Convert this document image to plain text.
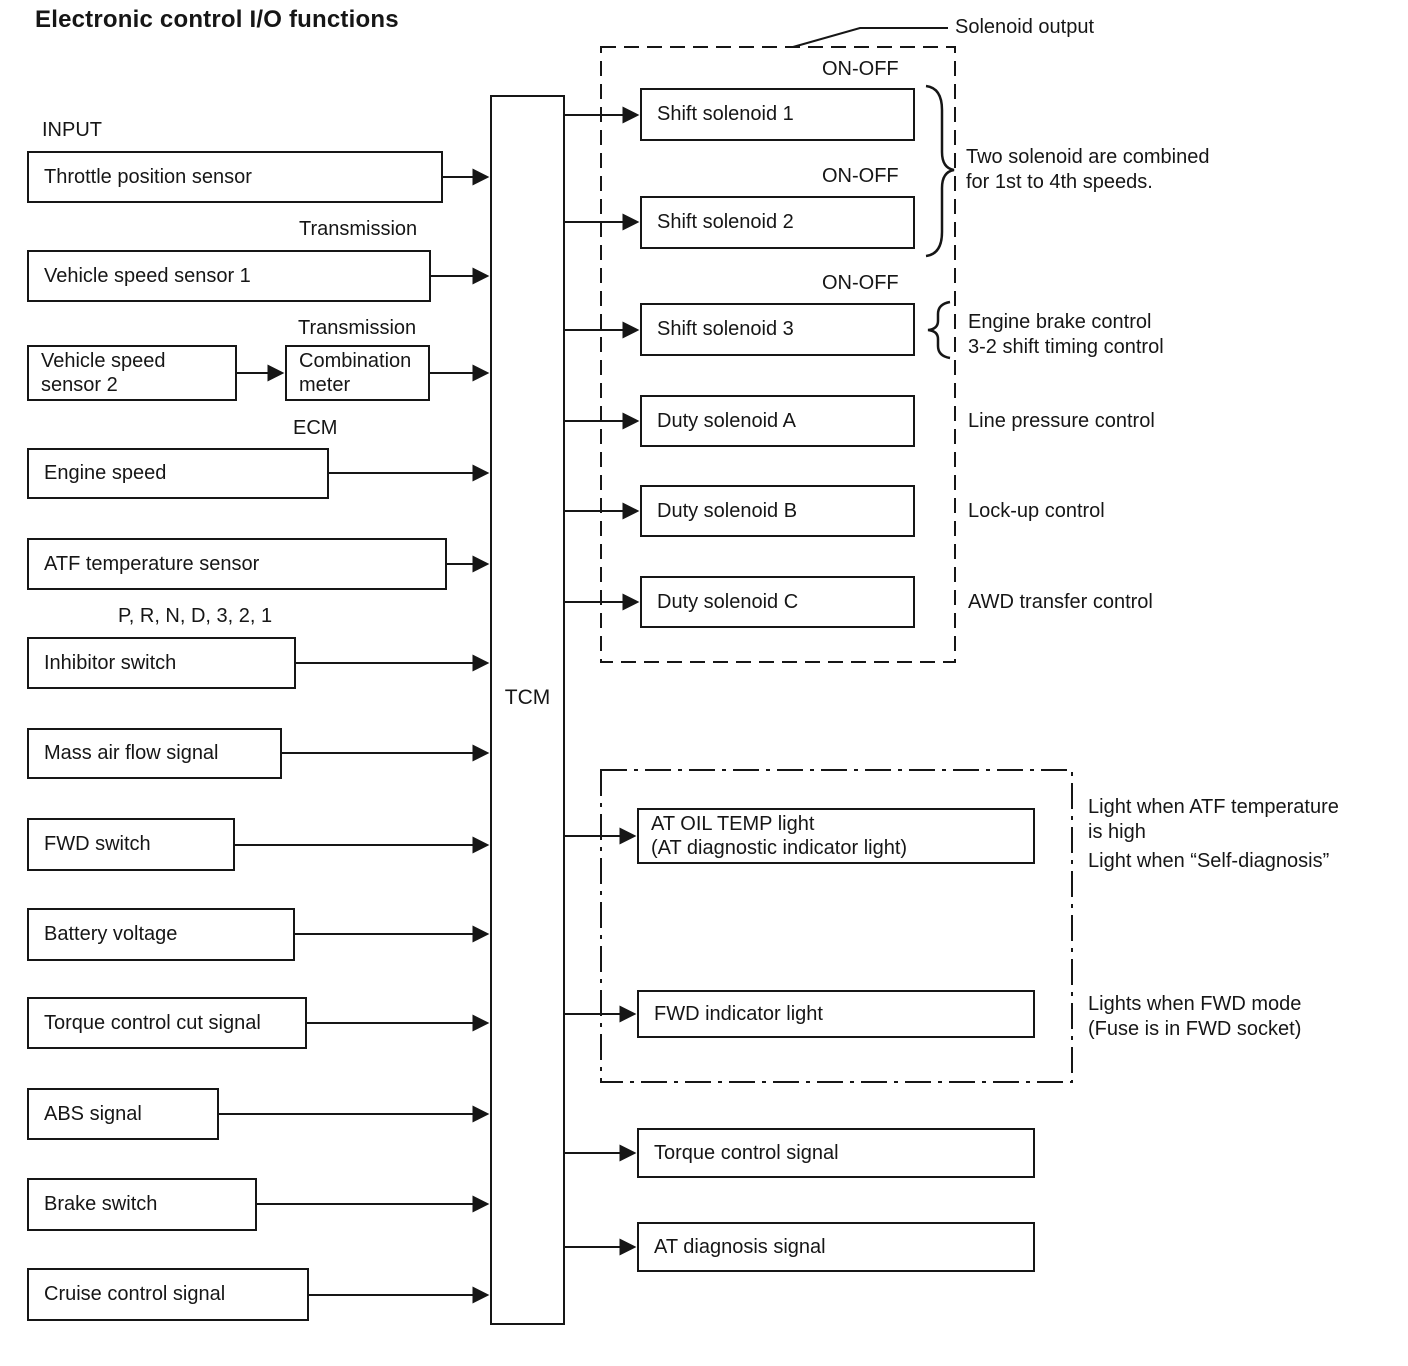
Electronic control I/O functions
INPUT
Solenoid output
TCM
Throttle position sensor
Transmission
Vehicle speed sensor 1
Transmission
Vehicle speed
sensor 2
Combination
meter
ECM
Engine speed
ATF temperature sensor
P, R, N, D, 3, 2, 1
Inhibitor switch
Mass air flow signal
FWD switch
Battery voltage
Torque control cut signal
ABS signal
Brake switch
Cruise control signal
ON-OFF
Shift solenoid 1
ON-OFF
Shift solenoid 2
ON-OFF
Shift solenoid 3
Duty solenoid A
Duty solenoid B
Duty solenoid C
Two solenoid are combined
for 1st to 4th speeds.
Engine brake control
3-2 shift timing control
Line pressure control
Lock-up control
AWD transfer control
AT OIL TEMP light
(AT diagnostic indicator light)
FWD indicator light
Light when ATF temperature
is high
Light when “Self-diagnosis”
Lights when FWD mode
(Fuse is in FWD socket)
Torque control signal
AT diagnosis signal
